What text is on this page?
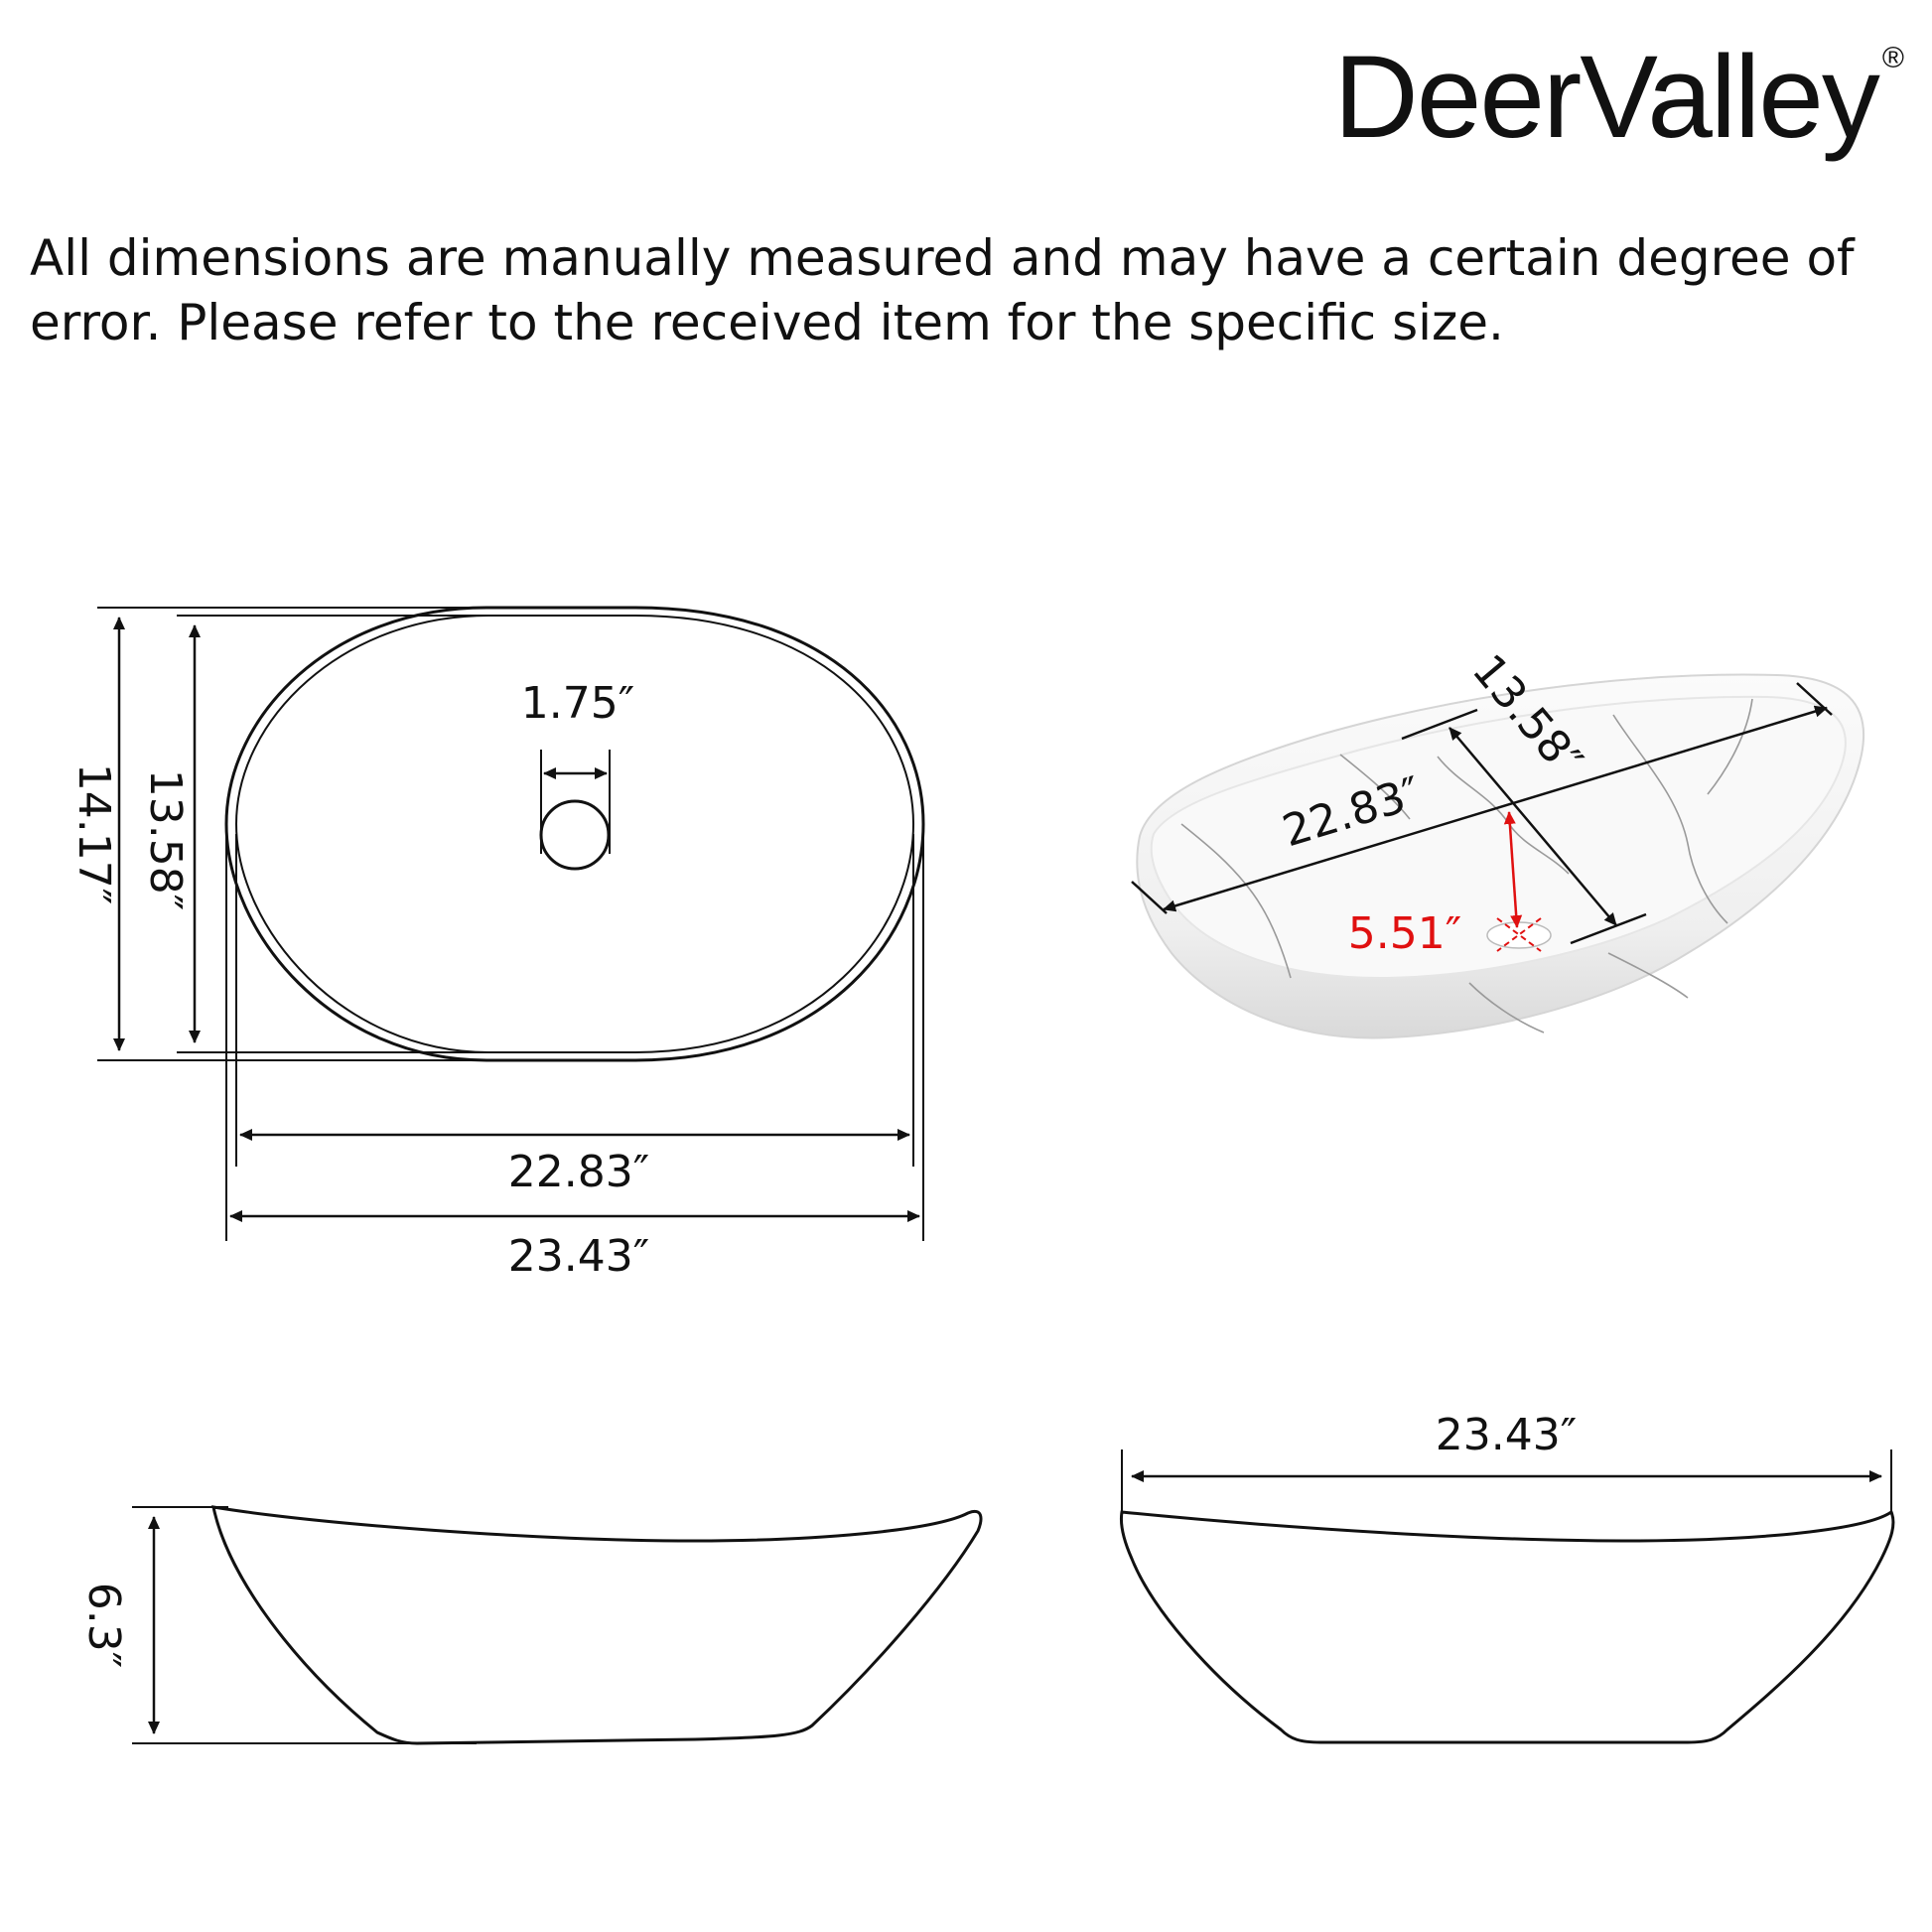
DeerValley ®
All dimensions are manually measured and may have a certain degree of error. Please refer to the received item for the specific size.
1.75″
14.17″ 13.58″
22.83″
23.43″
22.83″
13.58″
5.51″
6.3″
23.43″
